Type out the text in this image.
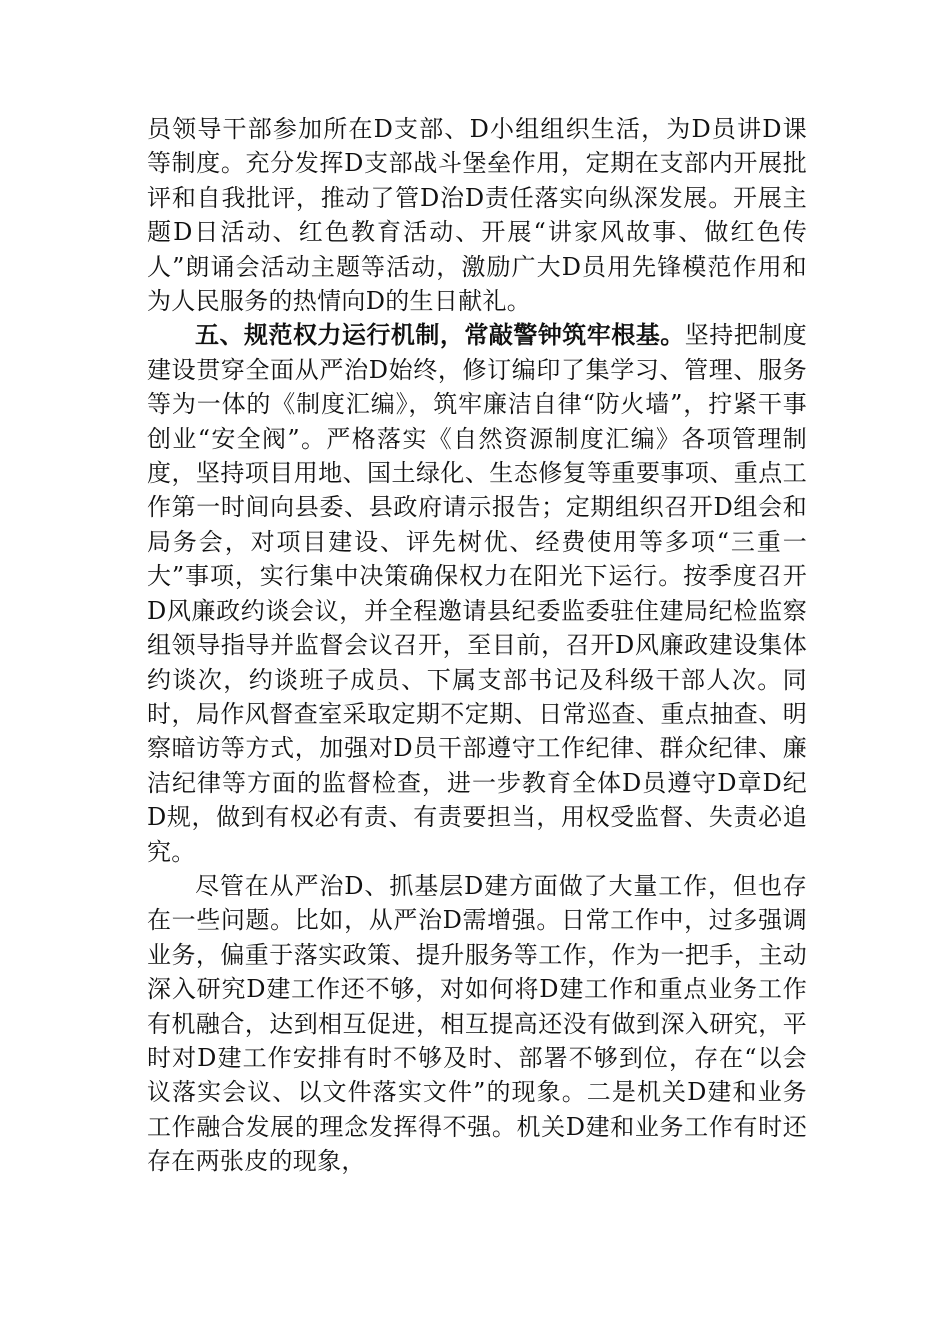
员领导干部参加所在D支部、D小组组织生活，为D员讲D课等制度。充分发挥D支部战斗堡垒作用，定期在支部内开展批评和自我批评，推动了管D治D责任落实向纵深发展。开展主题D日活动、红色教育活动、开展“讲家风故事、做红色传人”朗诵会活动主题等活动，激励广大D员用先锋模范作用和为人民服务的热情向D的生日献礼。

五、规范权力运行机制，常敲警钟筑牢根基。坚持把制度建设贯穿全面从严治D始终，修订编印了集学习、管理、服务等为一体的《制度汇编》，筑牢廉洁自律“防火墙”，拧紧干事创业“安全阀”。严格落实《自然资源制度汇编》各项管理制度，坚持项目用地、国土绿化、生态修复等重要事项、重点工作第一时间向县委、县政府请示报告；定期组织召开D组会和局务会，对项目建设、评先树优、经费使用等多项“三重一大”事项，实行集中决策确保权力在阳光下运行。按季度召开D风廉政约谈会议，并全程邀请县纪委监委驻住建局纪检监察组领导指导并监督会议召开，至目前，召开D风廉政建设集体约谈次，约谈班子成员、下属支部书记及科级干部人次。同时，局作风督查室采取定期不定期、日常巡查、重点抽查、明察暗访等方式，加强对D员干部遵守工作纪律、群众纪律、廉洁纪律等方面的监督检查，进一步教育全体D员遵守D章D纪D规，做到有权必有责、有责要担当，用权受监督、失责必追究。

尽管在从严治D、抓基层D建方面做了大量工作，但也存在一些问题。比如，从严治D需增强。日常工作中，过多强调业务，偏重于落实政策、提升服务等工作，作为一把手，主动深入研究D建工作还不够，对如何将D建工作和重点业务工作有机融合，达到相互促进，相互提高还没有做到深入研究，平时对D建工作安排有时不够及时、部署不够到位，存在“以会议落实会议、以文件落实文件”的现象。二是机关D建和业务工作融合发展的理念发挥得不强。机关D建和业务工作有时还存在两张皮的现象，
